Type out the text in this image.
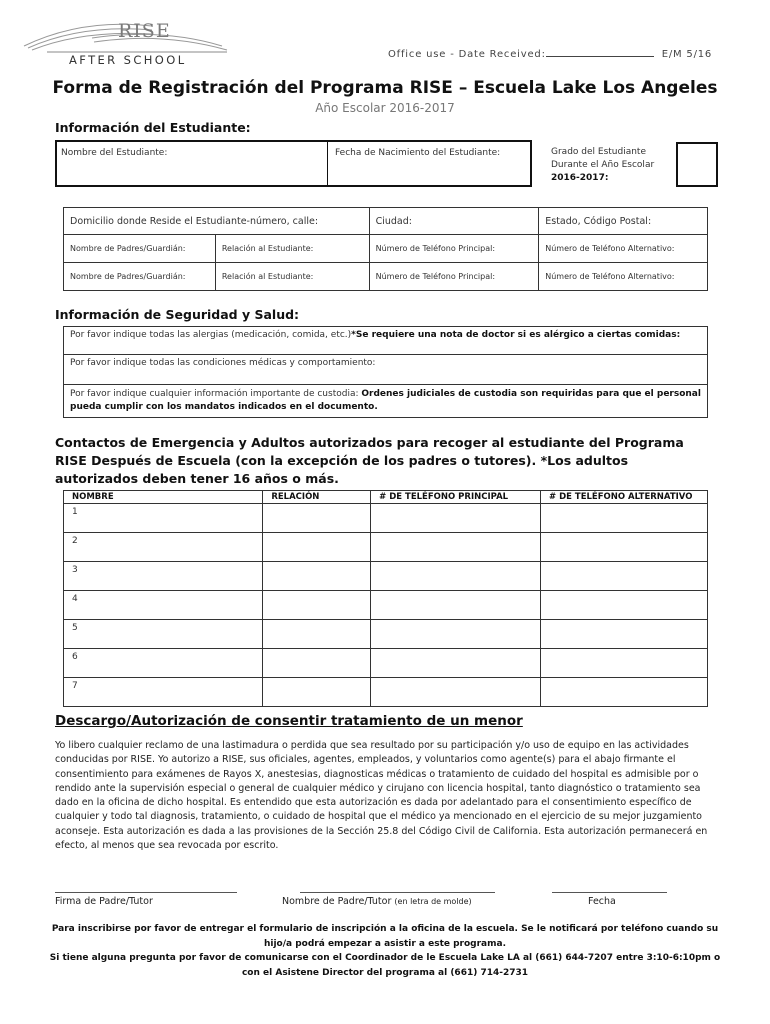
RISE
AFTER SCHOOL	Office use - Date Received:	E/M 5/16
Forma de Registración del Programa RISE – Escuela Lake Los Angeles
Año Escolar 2016-2017
Información del Estudiante:
Nombre del Estudiante:	Fecha de Nacimiento del Estudiante:	Grado del Estudiante
Durante el Año Escolar
2016-2017:
Domicilio donde Reside el Estudiante-número, calle:		Ciudad:	Estado, Código Postal:
Nombre de Padres/Guardián:	Relación al Estudiante:	Número de Teléfono Principal:	Número de Teléfono Alternativo:
Nombre de Padres/Guardián:	Relación al Estudiante:	Número de Teléfono Principal:	Número de Teléfono Alternativo:
Información de Seguridad y Salud:
Por favor indique todas las alergias (medicación, comida, etc.)*Se requiere una nota de doctor si es alérgico a ciertas comidas:
Por favor indique todas las condiciones médicas y comportamiento:
Por favor indique cualquier información importante de custodia: Ordenes judiciales de custodia son requiridas para que el personal pueda cumplir con los mandatos indicados en el documento.
Contactos de Emergencia y Adultos autorizados para recoger al estudiante del Programa RISE Después de Escuela (con la excepción de los padres o tutores). *Los adultos autorizados deben tener 16 años o más.
NOMBRE	RELACIÓN	# DE TELÉFONO PRINCIPAL	# DE TELÉFONO ALTERNATIVO
1			
2			
3			
4			
5			
6			
7			
Descargo/Autorización de consentir tratamiento de un menor
Yo libero cualquier reclamo de una lastimadura o perdida que sea resultado por su participación y/o uso de equipo en las actividades conducidas por RISE. Yo autorizo a RISE, sus oficiales, agentes, empleados, y voluntarios como agente(s) para el abajo firmante el consentimiento para exámenes de Rayos X, anestesias, diagnosticas médicas o tratamiento de cuidado del hospital es admisible por o rendido ante la supervisión especial o general de cualquier médico y cirujano con licencia hospital, tanto diagnóstico o tratamiento sea dado en la oficina de dicho hospital. Es entendido que esta autorización es dada por adelantado para el consentimiento específico de cualquier y todo tal diagnosis, tratamiento, o cuidado de hospital que el médico ya mencionado en el ejercicio de su mejor juzgamiento aconseje. Esta autorización es dada a las provisiones de la Sección 25.8 del Código Civil de California. Esta autorización permanecerá en efecto, al menos que sea revocada por escrito.
Firma de Padre/Tutor	Nombre de Padre/Tutor (en letra de molde)	Fecha
Para inscribirse por favor de entregar el formulario de inscripción a la oficina de la escuela. Se le notificará por teléfono cuando su hijo/a podrá empezar a asistir a este programa.
Si tiene alguna pregunta por favor de comunicarse con el Coordinador de le Escuela Lake LA al (661) 644-7207 entre 3:10-6:10pm o con el Asistene Director del programa al (661) 714-2731
